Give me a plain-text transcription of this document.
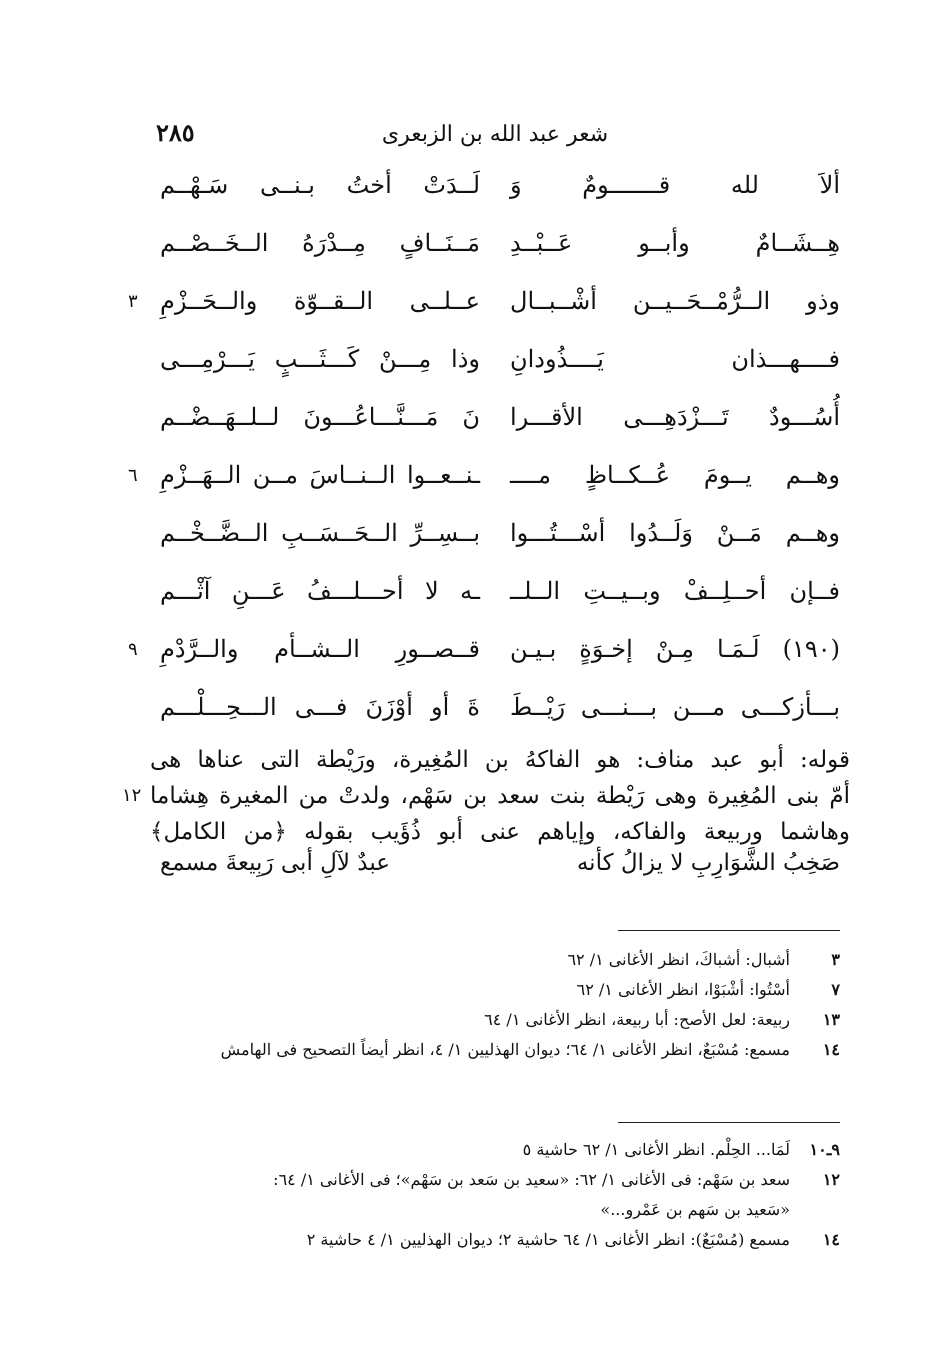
٢٨٥	شعر عبد الله بن الزبعرى
ألاَ لله قـــــــومٌ وَ
لَــدَتْ أختُ بـنــى سَـهْــم
هِــشَــامٌ وأبــو عَــبْــدِ
مَــنَــافٍ مِــدْرَهُ الــخَــصْــم
وذو الــرُّمْــحَــيــن أشْــبــال
عــلــى الــقــوّة والــحَــزْمِ
٣
فــــهـــذان يَــــذُودانِ
وذا مِـــنْ كَـــثَـــبٍ يَـــرْمِـــى
أُسُـــودٌ تَـــزْدَهِـــى الأقـــرا
نَ مَـــنَّـــاعُـــونَ لــلــهَــضْــم
وهــم يــومَ عُــكــاظٍ مــــ
ـنــعــوا الــنــاسَ مــن الــهَــزْمِ
٦
وهــم مَــنْ وَلَــدُوا أسْـــتُـــوا
بــسِــرِّ الــحَــسَــبِ الــضَّــخْــم
فــإن أحــلِــفْ وبــيــتِ الــلــ
ـه لا أحـــلـــفُ عَـــنِ آثْـــم
(١٩٠) لَـمَـا مِـنْ إخـوَةٍ بـيـن
قــصــورِ الــشــأم والــرَّدْمِ
٩
بـــأزكـــى مـــن بـــنـــى رَيْــطَ
ةَ أو أوْزَنَ فـــى الـــحِـــلْـــم
قوله: أبو عبد مناف: هو الفاكهُ بن المُغِيرة، ورَيْطة التى عناها هى
أمّ بنى المُغِيرة وهى رَيْطة بنت سعد بن سَهْم، ولدتْ من المغيرة هِشاما
١٢
وهاشما وربيعة والفاكه، وإياهم عنى أبو ذُؤَيب بقوله ﴿من الكامل﴾
صَخِبُ الشَّوَارِبِ لا يزالُ كأنه
عبدٌ لآلِ أبى رَبِيعةَ مسمع
٣
أشبال: أشباكَ، انظر الأغانى ١/ ٦٢
٧
أسْتُوا: أشْبَوْا، انظر الأغانى ١/ ٦٢
١٣
ربيعة: لعل الأصح: أبا ربيعة، انظر الأغانى ١/ ٦٤
١٤
مسمع: مُسْبَعٌ، انظر الأغانى ١/ ٦٤؛ ديوان الهذليين ١/ ٤، انظر أيضاً التصحيح فى الهامش
٩ـ١٠
لَمَا... الحِلْم. انظر الأغانى ١/ ٦٢ حاشية ٥
١٢
سعد بن سَهْم: فى الأغانى ١/ ٦٢: «سعيد بن سَعد بن سَهْم»؛ فى الأغانى ١/ ٦٤:
«سَعيد بن سَهم بن عَمْرو...»
١٤
مسمع (مُسْبَعٌ): انظر الأغانى ١/ ٦٤ حاشية ٢؛ ديوان الهذليين ١/ ٤ حاشية ٢
